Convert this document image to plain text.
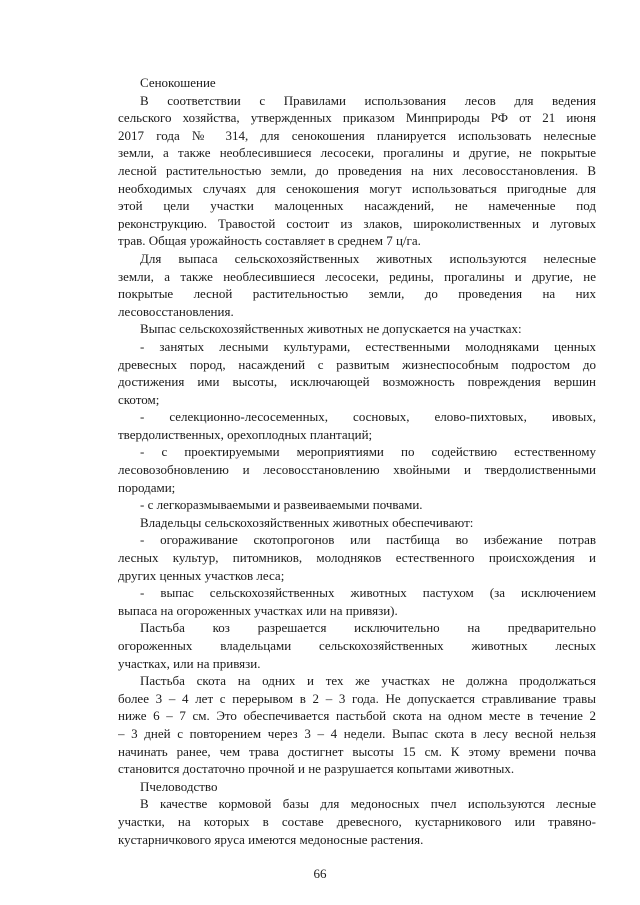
Сенокошение
В соответствии с Правилами использования лесов для ведения
сельского хозяйства, утвержденных приказом Минприроды РФ от 21 июня
2017 года № 314, для сенокошения планируется использовать нелесные
земли, а также необлесившиеся лесосеки, прогалины и другие, не покрытые
лесной растительностью земли, до проведения на них лесовосстановления. В
необходимых случаях для сенокошения могут использоваться пригодные для
этой цели участки малоценных насаждений, не намеченные под
реконструкцию. Травостой состоит из злаков, широколиственных и луговых
трав. Общая урожайность составляет в среднем 7 ц/га.
Для выпаса сельскохозяйственных животных используются нелесные
земли, а также необлесившиеся лесосеки, редины, прогалины и другие, не
покрытые лесной растительностью земли, до проведения на них
лесовосстановления.
Выпас сельскохозяйственных животных не допускается на участках:
- занятых лесными культурами, естественными молодняками ценных
древесных пород, насаждений с развитым жизнеспособным подростом до
достижения ими высоты, исключающей возможность повреждения вершин
скотом;
- селекционно-лесосеменных, сосновых, елово-пихтовых, ивовых,
твердолиственных, орехоплодных плантаций;
- с проектируемыми мероприятиями по содействию естественному
лесовозобновлению и лесовосстановлению хвойными и твердолиственными
породами;
- с легкоразмываемыми и развеиваемыми почвами.
Владельцы сельскохозяйственных животных обеспечивают:
- огораживание скотопрогонов или пастбища во избежание потрав
лесных культур, питомников, молодняков естественного происхождения и
других ценных участков леса;
- выпас сельскохозяйственных животных пастухом (за исключением
выпаса на огороженных участках или на привязи).
Пастьба коз разрешается исключительно на предварительно
огороженных владельцами сельскохозяйственных животных лесных
участках, или на привязи.
Пастьба скота на одних и тех же участках не должна продолжаться
более 3 – 4 лет с перерывом в 2 – 3 года. Не допускается стравливание травы
ниже 6 – 7 см. Это обеспечивается пастьбой скота на одном месте в течение 2
– 3 дней с повторением через 3 – 4 недели. Выпас скота в лесу весной нельзя
начинать ранее, чем трава достигнет высоты 15 см. К этому времени почва
становится достаточно прочной и не разрушается копытами животных.
Пчеловодство
В качестве кормовой базы для медоносных пчел используются лесные
участки, на которых в составе древесного, кустарникового или травяно-
кустарничкового яруса имеются медоносные растения.
66
